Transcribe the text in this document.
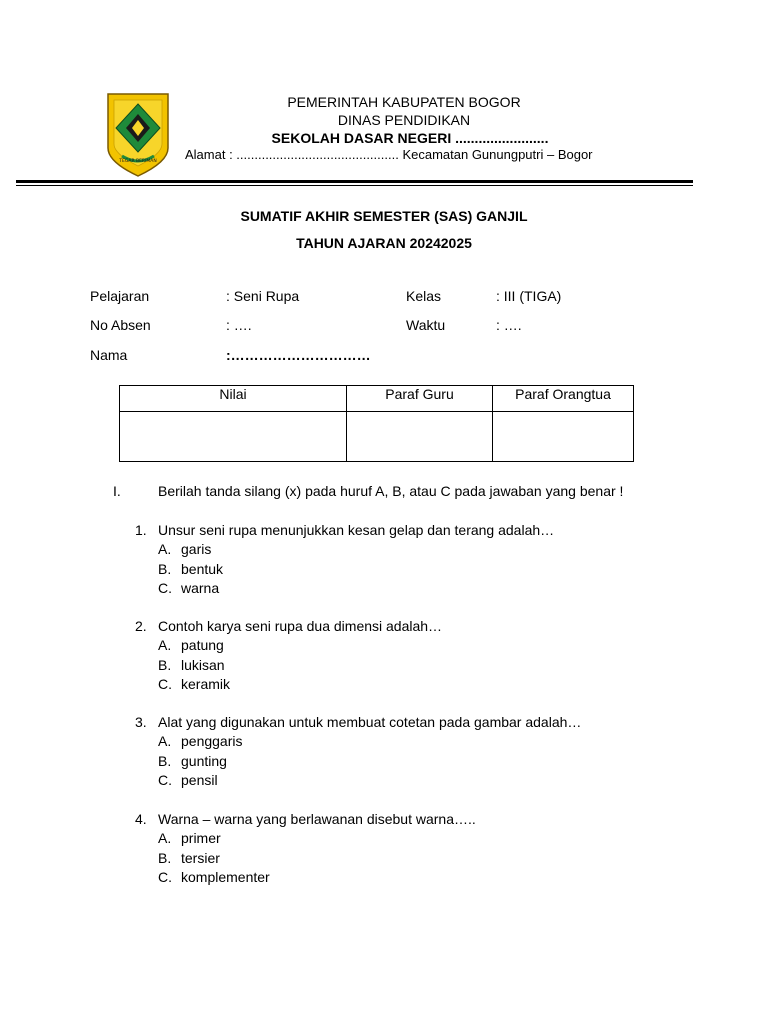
TEGAR BERIMAN
PEMERINTAH KABUPATEN BOGOR
DINAS PENDIDIKAN
SEKOLAH DASAR NEGERI ........................
Alamat : ............................................. Kecamatan Gunungputri – Bogor
SUMATIF AKHIR SEMESTER (SAS) GANJIL
TAHUN AJARAN 20242025
Pelajaran	: Seni Rupa	Kelas	: III (TIGA)
No Absen	: ….	Waktu	: ….
Nama	:…………………………
Nilai	Paraf Guru	Paraf Orangtua

I.	Berilah tanda silang (x) pada huruf A, B, atau C pada jawaban yang benar !
1. Unsur seni rupa menunjukkan kesan gelap dan terang adalah…
A. garis
B. bentuk
C. warna
2. Contoh karya seni rupa dua dimensi adalah…
A. patung
B. lukisan
C. keramik
3. Alat yang digunakan untuk membuat cotetan pada gambar adalah…
A. penggaris
B. gunting
C. pensil
4. Warna – warna yang berlawanan disebut warna…..
A. primer
B. tersier
C. komplementer
